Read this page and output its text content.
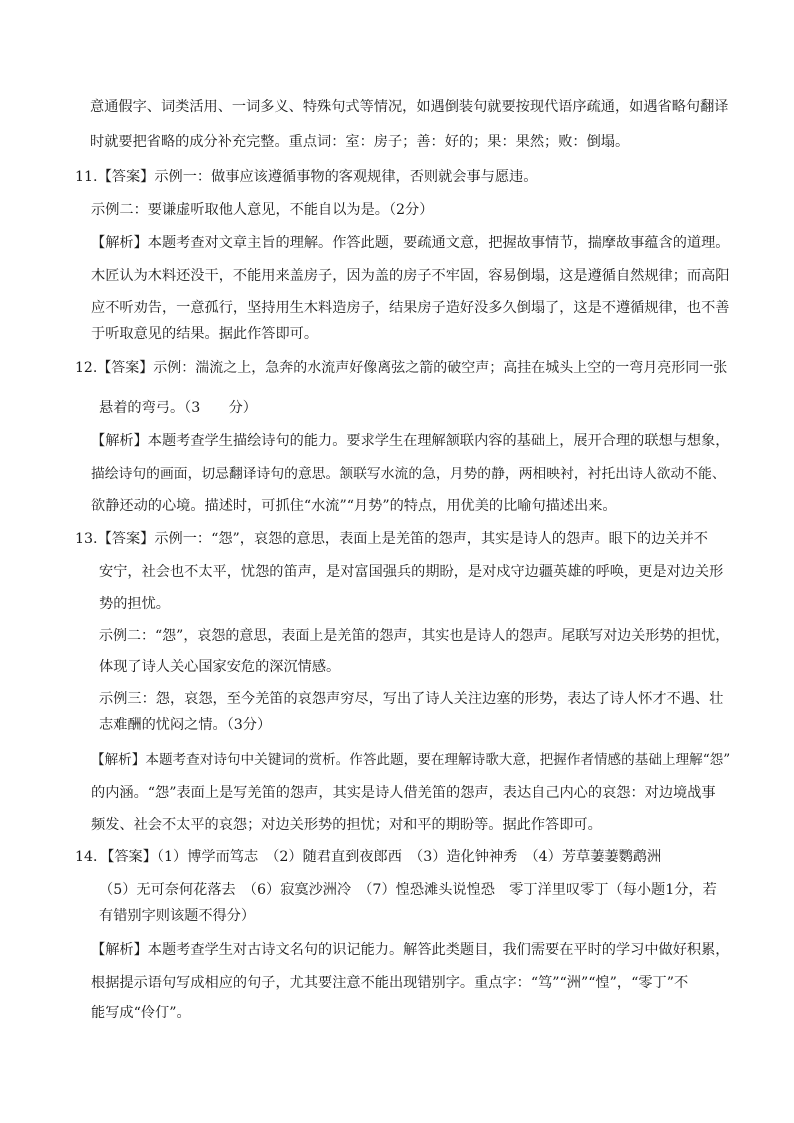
意通假字、词类活用、一词多义、特殊句式等情况，如遇倒装句就要按现代语序疏通，如遇省略句翻译
时就要把省略的成分补充完整。重点词：室：房子；善：好的；果：果然；败：倒塌。
11.【答案】示例一：做事应该遵循事物的客观规律，否则就会事与愿违。
示例二：要谦虚听取他人意见，不能自以为是。（2分）
【解析】本题考查对文章主旨的理解。作答此题，要疏通文意，把握故事情节，揣摩故事蕴含的道理。
木匠认为木料还没干，不能用来盖房子，因为盖的房子不牢固，容易倒塌，这是遵循自然规律；而高阳
应不听劝告，一意孤行，坚持用生木料造房子，结果房子造好没多久倒塌了，这是不遵循规律，也不善
于听取意见的结果。据此作答即可。
12.【答案】示例：湍流之上，急奔的水流声好像离弦之箭的破空声；高挂在城头上空的一弯月亮形同一张
悬着的弯弓。（3　　分）
【解析】本题考查学生描绘诗句的能力。要求学生在理解颔联内容的基础上，展开合理的联想与想象，
描绘诗句的画面，切忌翻译诗句的意思。颔联写水流的急，月势的静，两相映衬，衬托出诗人欲动不能、
欲静还动的心境。描述时，可抓住“水流”“月势”的特点，用优美的比喻句描述出来。
13.【答案】示例一：“怨”，哀怨的意思，表面上是羌笛的怨声，其实是诗人的怨声。眼下的边关并不
安宁，社会也不太平，忧怨的笛声，是对富国强兵的期盼，是对戍守边疆英雄的呼唤，更是对边关形
势的担忧。
示例二：“怨”，哀怨的意思，表面上是羌笛的怨声，其实也是诗人的怨声。尾联写对边关形势的担忧，
体现了诗人关心国家安危的深沉情感。
示例三：怨，哀怨，至今羌笛的哀怨声穷尽，写出了诗人关注边塞的形势，表达了诗人怀才不遇、壮
志难酬的忧闷之情。（3分）
【解析】本题考查对诗句中关键词的赏析。作答此题，要在理解诗歌大意，把握作者情感的基础上理解“怨”
的内涵。“怨”表面上是写羌笛的怨声，其实是诗人借羌笛的怨声，表达自己内心的哀怨：对边境战事
频发、社会不太平的哀怨；对边关形势的担忧；对和平的期盼等。据此作答即可。
14．【答案】（1）博学而笃志　（2）随君直到夜郎西　（3）造化钟神秀　（4）芳草萋萋鹦鹉洲
（5）无可奈何花落去　（6）寂寞沙洲冷　（7）惶恐滩头说惶恐　零丁洋里叹零丁（每小题1分，若
有错别字则该题不得分）
【解析】本题考查学生对古诗文名句的识记能力。解答此类题目，我们需要在平时的学习中做好积累，
根据提示语句写成相应的句子，尤其要注意不能出现错别字。重点字：“笃”“洲”“惶”，“零丁”不
能写成“伶仃”。
